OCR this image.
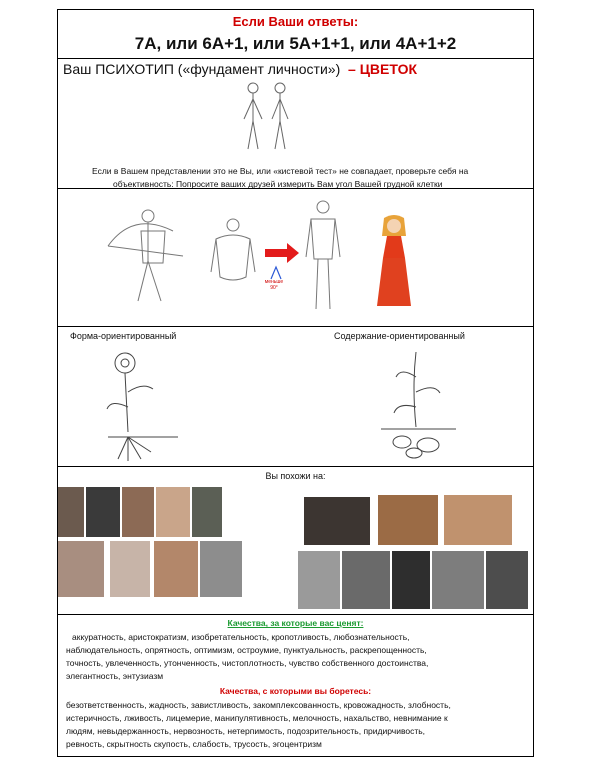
Если Ваши ответы:
7А, или 6А+1, или 5А+1+1, или 4А+1+2
Ваш ПСИХОТИП («фундамент личности») – ЦВЕТОК
Если в Вашем представлении это не Вы, или «кистевой тест» не совпадает, проверьте себя на
объективность: Попросите ваших друзей измерить Вам угол Вашей грудной клетки
меньше
90°
Форма-ориентированный	Содержание-ориентированный
Вы похожи на:
Качества, за которые вас ценят:
аккуратность, аристократизм, изобретательность, кропотливость, любознательность,
наблюдательность, опрятность, оптимизм, остроумие, пунктуальность, раскрепощенность,
точность, увлеченность, утонченность, чистоплотность, чувство собственного достоинства,
элегантность, энтузиазм
Качества, с которыми вы боретесь:
безответственность, жадность, завистливость, закомплексованность, кровожадность, злобность,
истеричность, лживость, лицемерие, манипулятивность, мелочность, нахальство, невнимание к
людям, невыдержанность, нервозность, нетерпимость, подозрительность, придирчивость,
ревность, скрытность скупость, слабость, трусость, эгоцентризм
